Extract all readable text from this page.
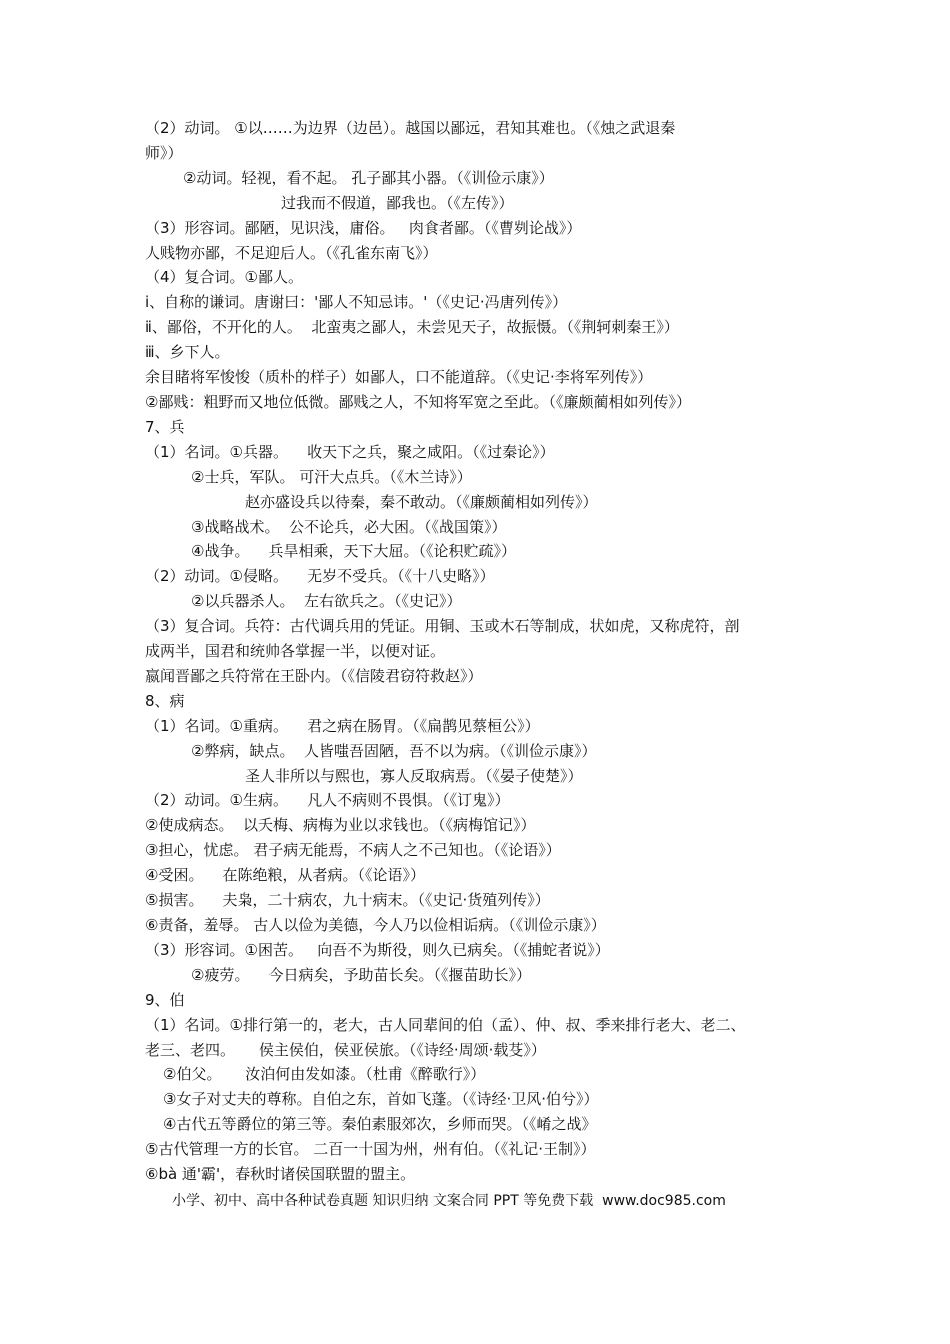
（2）动词。 ①以……为边界（边邑）。越国以鄙远，君知其难也。（《烛之武退秦
师》）
②动词。轻视，看不起。 孔子鄙其小器。（《训俭示康》）
过我而不假道，鄙我也。（《左传》）
（3）形容词。鄙陋，见识浅，庸俗。   肉食者鄙。（《曹刿论战》）
人贱物亦鄙，不足迎后人。（《孔雀东南飞》）
（4）复合词。①鄙人。
ⅰ、自称的谦词。唐谢曰：'鄙人不知忌讳。'（《史记·冯唐列传》）
ⅱ、鄙俗，不开化的人。  北蛮夷之鄙人，未尝见天子，故振慑。（《荆轲刺秦王》）
ⅲ、乡下人。
余目睹将军悛悛（质朴的样子）如鄙人，口不能道辞。（《史记·李将军列传》）
②鄙贱：粗野而又地位低微。鄙贱之人，不知将军宽之至此。（《廉颇蔺相如列传》）
7、兵
（1）名词。①兵器。    收天下之兵，聚之咸阳。（《过秦论》）
②士兵，军队。 可汗大点兵。（《木兰诗》）
赵亦盛设兵以待秦，秦不敢动。（《廉颇蔺相如列传》）
③战略战术。  公不论兵，必大困。（《战国策》）
④战争。    兵旱相乘，天下大屈。（《论积贮疏》）
（2）动词。①侵略。    无岁不受兵。（《十八史略》）
②以兵器杀人。  左右欲兵之。（《史记》）
（3）复合词。兵符：古代调兵用的凭证。用铜、玉或木石等制成，状如虎，又称虎符，剖
成两半，国君和统帅各掌握一半，以便对证。
嬴闻晋鄙之兵符常在王卧内。（《信陵君窃符救赵》）
8、病
（1）名词。①重病。    君之病在肠胃。（《扁鹊见蔡桓公》）
②弊病，缺点。  人皆嗤吾固陋，吾不以为病。（《训俭示康》）
圣人非所以与熙也，寡人反取病焉。（《晏子使楚》）
（2）动词。①生病。    凡人不病则不畏惧。（《订鬼》）
②使成病态。  以夭梅、病梅为业以求钱也。（《病梅馆记》）
③担心，忧虑。 君子病无能焉，不病人之不己知也。（《论语》）
④受困。    在陈绝粮，从者病。（《论语》）
⑤损害。    夫枭，二十病农，九十病末。（《史记·货殖列传》）
⑥责备，羞辱。 古人以俭为美德，今人乃以俭相诟病。（《训俭示康》）
（3）形容词。①困苦。   向吾不为斯役，则久已病矣。（《捕蛇者说》）
②疲劳。    今日病矣，予助苗长矣。（《揠苗助长》）
9、伯
（1）名词。①排行第一的，老大，古人同辈间的伯（孟）、仲、叔、季来排行老大、老二、
老三、老四。     侯主侯伯，侯亚侯旅。（《诗经·周颂·载芟》）
②伯父。     汝泊何由发如漆。（杜甫《醉歌行》）
③女子对丈夫的尊称。自伯之东，首如飞蓬。（《诗经·卫风·伯兮》）
④古代五等爵位的第三等。秦伯素服郊次，乡师而哭。（《崤之战》
⑤古代管理一方的长官。 二百一十国为州，州有伯。（《礼记·王制》）
⑥bà 通'霸'，春秋时诸侯国联盟的盟主。
小学、初中、高中各种试卷真题 知识归纳 文案合同 PPT 等免费下载  www.doc985.com
